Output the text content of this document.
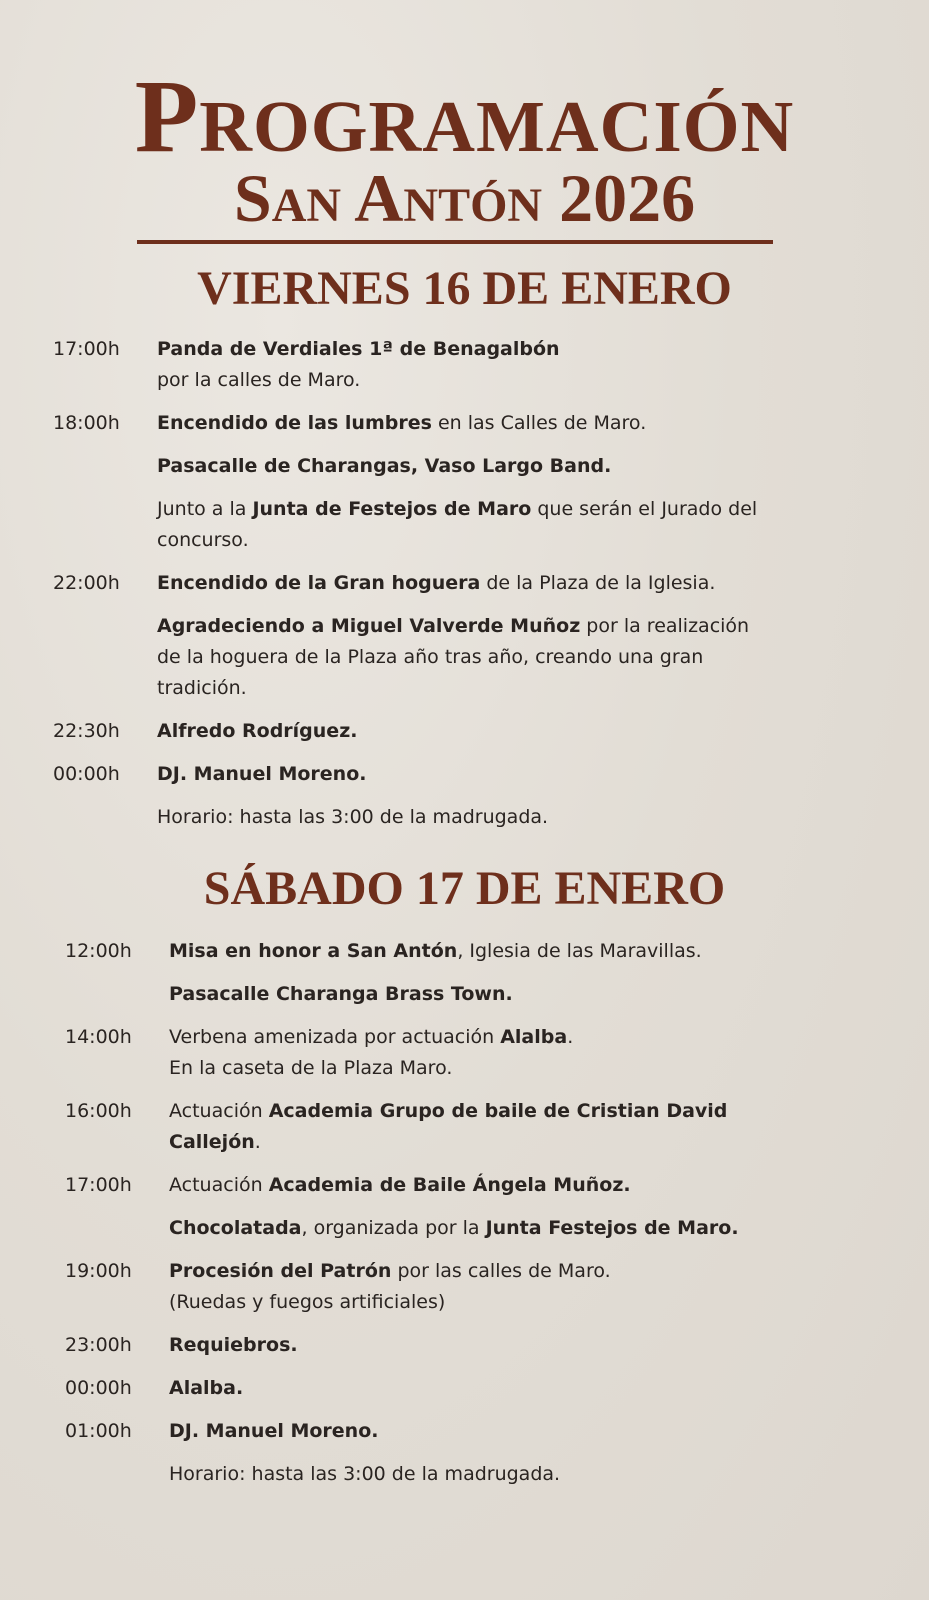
Programación
San Antón 2026
VIERNES 16 DE ENERO
17:00h	Panda de Verdiales 1ª de Benagalbón
por la calles de Maro.
18:00h	Encendido de las lumbres en las Calles de Maro.
Pasacalle de Charangas, Vaso Largo Band.
Junto a la Junta de Festejos de Maro que serán el Jurado del
concurso.
22:00h	Encendido de la Gran hoguera de la Plaza de la Iglesia.
Agradeciendo a Miguel Valverde Muñoz por la realización
de la hoguera de la Plaza año tras año, creando una gran
tradición.
22:30h	Alfredo Rodríguez.
00:00h	DJ. Manuel Moreno.
Horario: hasta las 3:00 de la madrugada.
SÁBADO 17 DE ENERO
12:00h	Misa en honor a San Antón, Iglesia de las Maravillas.
Pasacalle Charanga Brass Town.
14:00h	Verbena amenizada por actuación Alalba.
En la caseta de la Plaza Maro.
16:00h	Actuación Academia Grupo de baile de Cristian David
Callejón.
17:00h	Actuación Academia de Baile Ángela Muñoz.
Chocolatada, organizada por la Junta Festejos de Maro.
19:00h	Procesión del Patrón por las calles de Maro.
(Ruedas y fuegos artificiales)
23:00h	Requiebros.
00:00h	Alalba.
01:00h	DJ. Manuel Moreno.
Horario: hasta las 3:00 de la madrugada.
